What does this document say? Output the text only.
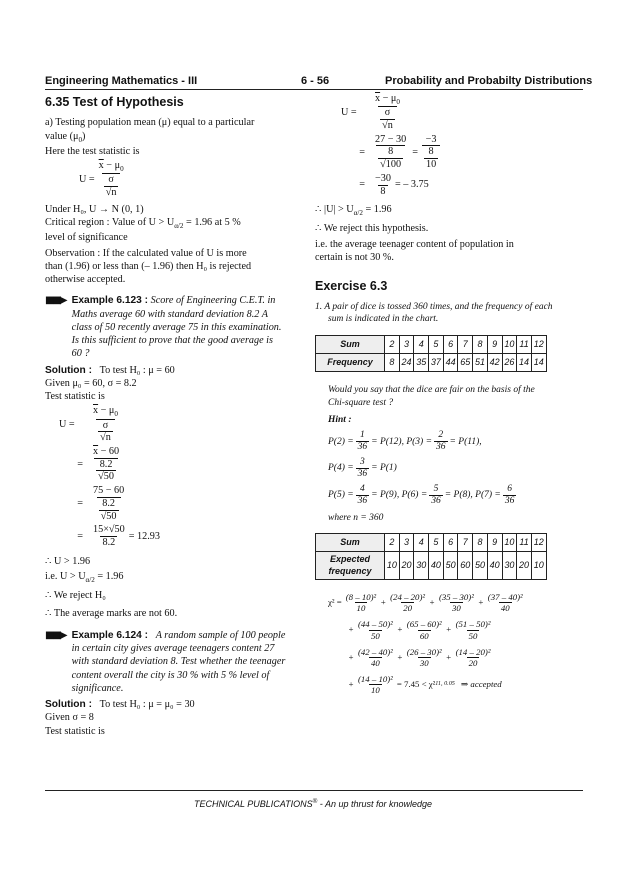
Engineering Mathematics - III	6 - 56	Probability and Probabilty Distributions
6.35 Test of Hypothesis
a) Testing population mean (μ) equal to a particular
value $(\mu_0)$
Here the test statistic is
$U = \frac{\overline{x} - \mu_0}{\frac{\sigma}{√n}}$
Under H₀, U → N (0, 1)
Critical region : Value of $U > U_{\alpha/2} = 1.96$ at 5 %
level of significance
Observation : If the calculated value of U is more
than (1.96) or less than (– 1.96) then H₀ is rejected
otherwise accepted.
■■▶ Example 6.123 : Score of Engineering C.E.T. in
Maths average 60 with standard deviation 8.2 A
class of 50 recently average 75 in this examination.
Is this sufficient to prove that the good average is
60 ?
Solution : To test H₀ : μ = 60
Given μ₀ = 60, σ = 8.2
Test statistic is
U =	$\frac{\overline{x} - \mu_0}{\frac{\sigma}{√n}}$
= $\frac{\overline{x} - 60}{\frac{8.2}{√50}}$
= $\frac{75 - 60}{\frac{8.2}{√50}}$
= $\frac{15\times√50}{8.2} = 12.93$
∴ U > 1.96
i.e. $U > U_{\alpha/2} = 1.96$
∴ We reject H₀
∴ The average marks are not 60.
■■▶ Example 6.124 : A random sample of 100 people
in certain city gives average teenagers content 27
with standard deviation 8. Test whether the teenager
content overall the city is 30 % with 5 % level of
significance.
Solution : To test H₀ : μ = μ₀ = 30
Given σ = 8
Test statistic is
U =	$\frac{\overline{x} - \mu_0}{\frac{\sigma}{√n}}$
= $\frac{27 - 30}{\frac{8}{√100}} = \frac{-3}{\frac{8}{10}}$
= $\frac{-30}{8}$ = – 3.75
∴ $|U| > U_{\alpha/2} = 1.96$
∴ We reject this hypothesis.
i.e. the average teenager content of population in
certain is not 30 %.
Exercise 6.3
1. A pair of dice is tossed 360 times, and the frequency of each
sum is indicated in the chart.
Sum	2	3	4	5	6	7	8	9	10	11	12
Frequency	8	24	35	37	44	65	51	42	26	14	14
Would you say that the dice are fair on the basis of the
Chi-square test ?
Hint :
$P(2) = \frac{1}{36} = P(12)$, $P(3) = \frac{2}{36} = P(11)$,
$P(4) = \frac{3}{36} = P(1)$
$P(5) = \frac{4}{36} = P(9)$, $P(6) = \frac{5}{36} = P(8)$, $P(7) = \frac{6}{36}$
where n = 360
Sum	2	3	4	5	6	7	8	9	10	11	12
Expected frequency	10	20	30	40	50	60	50	40	30	20	10
$\chi^2 = \frac{\text{(8 – 10)²}}{10} + \frac{\text{(24 – 20)²}}{20} + \frac{\text{(35 – 30)²}}{30} + \frac{\text{(37 – 40)²}}{40}$
+ $\frac{\text{(44 – 50)²}}{50} + \frac{\text{(65 – 60)²}}{60} + \frac{\text{(51 – 50)²}}{50}$
+ $\frac{\text{(42 – 40)²}}{40} + \frac{\text{(26 – 30)²}}{30} + \frac{\text{(14 – 20)²}}{20}$
+ $\frac{\text{(14 – 10)²}}{10} = 7.45 < \chi^2$ 11, 0.05 ⇒ accepted
TECHNICAL PUBLICATIONS® - An up thrust for knowledge
